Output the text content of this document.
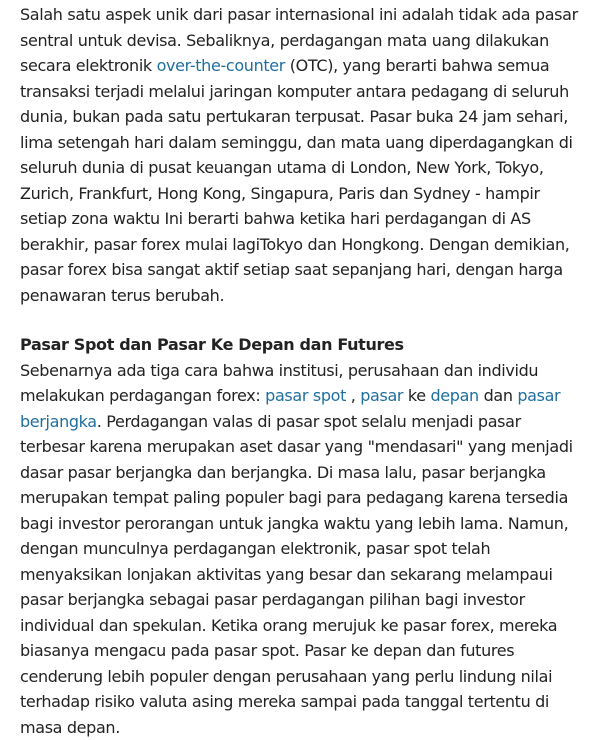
Salah satu aspek unik dari pasar internasional ini adalah tidak ada pasar sentral untuk devisa. Sebaliknya, perdagangan mata uang dilakukan secara elektronik over-the-counter (OTC), yang berarti bahwa semua transaksi terjadi melalui jaringan komputer antara pedagang di seluruh dunia, bukan pada satu pertukaran terpusat. Pasar buka 24 jam sehari, lima setengah hari dalam seminggu, dan mata uang diperdagangkan di seluruh dunia di pusat keuangan utama di London, New York, Tokyo, Zurich, Frankfurt, Hong Kong, Singapura, Paris dan Sydney - hampir setiap zona waktu Ini berarti bahwa ketika hari perdagangan di AS berakhir, pasar forex mulai lagiTokyo dan Hongkong. Dengan demikian, pasar forex bisa sangat aktif setiap saat sepanjang hari, dengan harga penawaran terus berubah.

Pasar Spot dan Pasar Ke Depan dan Futures

Sebenarnya ada tiga cara bahwa institusi, perusahaan dan individu melakukan perdagangan forex: pasar spot , pasar ke depan dan pasar berjangka. Perdagangan valas di pasar spot selalu menjadi pasar terbesar karena merupakan aset dasar yang "mendasari" yang menjadi dasar pasar berjangka dan berjangka. Di masa lalu, pasar berjangka merupakan tempat paling populer bagi para pedagang karena tersedia bagi investor perorangan untuk jangka waktu yang lebih lama. Namun, dengan munculnya perdagangan elektronik, pasar spot telah menyaksikan lonjakan aktivitas yang besar dan sekarang melampaui pasar berjangka sebagai pasar perdagangan pilihan bagi investor individual dan spekulan. Ketika orang merujuk ke pasar forex, mereka biasanya mengacu pada pasar spot. Pasar ke depan dan futures cenderung lebih populer dengan perusahaan yang perlu lindung nilai terhadap risiko valuta asing mereka sampai pada tanggal tertentu di masa depan.
